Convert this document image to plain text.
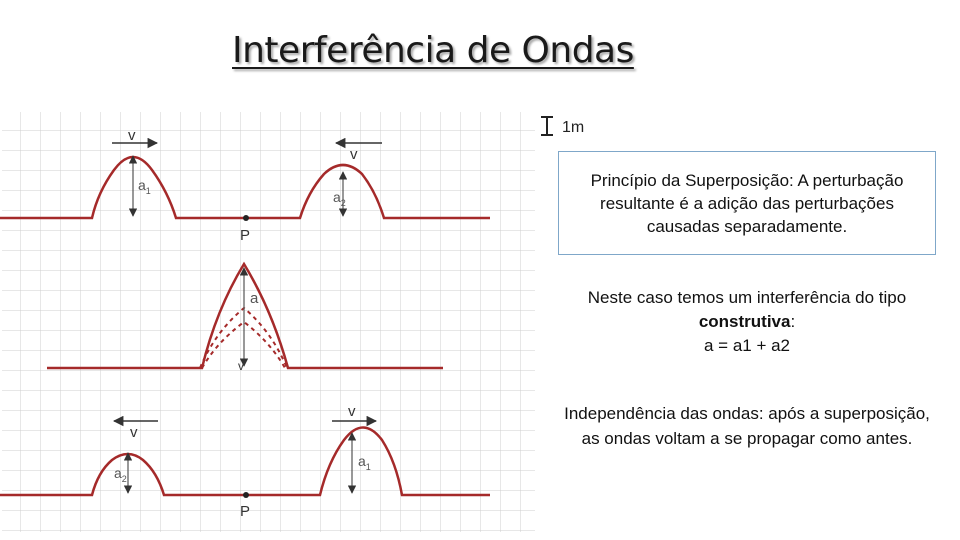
Interferência de Ondas
1m
v
v
$a_1$	$a_2$
P
a
v
v
v
$a_2$
$a_1$
P
Princípio da Superposição: A perturbação resultante é a adição das perturbações causadas separadamente.
Neste caso temos um interferência do tipo construtiva:
a = a1 + a2
Independência das ondas: após a superposição, as ondas voltam a se propagar como antes.
